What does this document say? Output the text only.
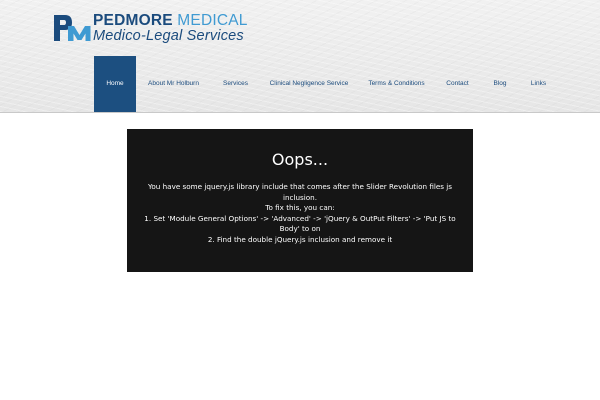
PEDMORE MEDICAL
Medico-Legal Services
Home	About Mr Holburn	Services	Clinical Negligence Service	Terms & Conditions	Contact	Blog	Links
Oops...
You have some jquery.js library include that comes after the Slider Revolution files js inclusion.
To fix this, you can:
1. Set 'Module General Options' -> 'Advanced' -> 'jQuery & OutPut Filters' -> 'Put JS to Body' to on
2. Find the double jQuery.js inclusion and remove it
